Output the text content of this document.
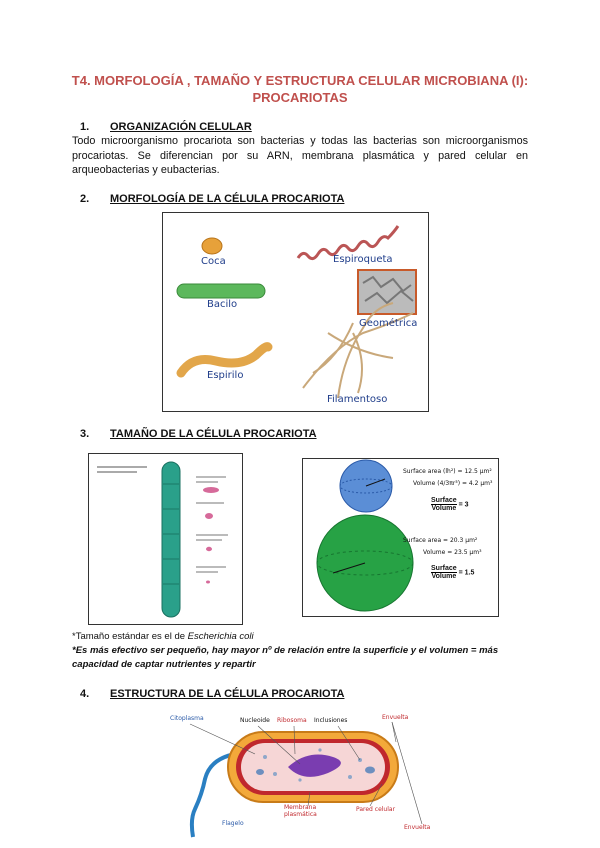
T4. MORFOLOGÍA , TAMAÑO Y ESTRUCTURA CELULAR MICROBIANA (I):
PROCARIOTAS
1. ORGANIZACIÓN CELULAR
Todo microorganismo procariota son bacterias y todas las bacterias son microorganismos procariotas. Se diferencian por su ARN, membrana plasmática y pared celular en arqueobacterias y eubacterias.
2. MORFOLOGÍA DE LA CÉLULA PROCARIOTA
Coca	Espiroqueta
Bacilo
Geométrica
Espirilo
Filamentoso
3. TAMAÑO DE LA CÉLULA PROCARIOTA
Surface area (lh²) = 12.5 µm²
Volume (4/3πr³) = 4.2 µm³
Surface
Volume
= 3
Surface area = 20.3 µm²
Volume = 23.5 µm³
Surface
Volume
= 1.5
*Tamaño estándar es el de Escherichia coli
*Es más efectivo ser pequeño, hay mayor nº de relación entre la superficie y el volumen = más capacidad de captar nutrientes y repartir
4. ESTRUCTURA DE LA CÉLULA PROCARIOTA
Citoplasma	Nucleoide Ribosoma Inclusiones	Envuelta
Flagelo
Membrana plasmática
Pared celular
Envuelta
